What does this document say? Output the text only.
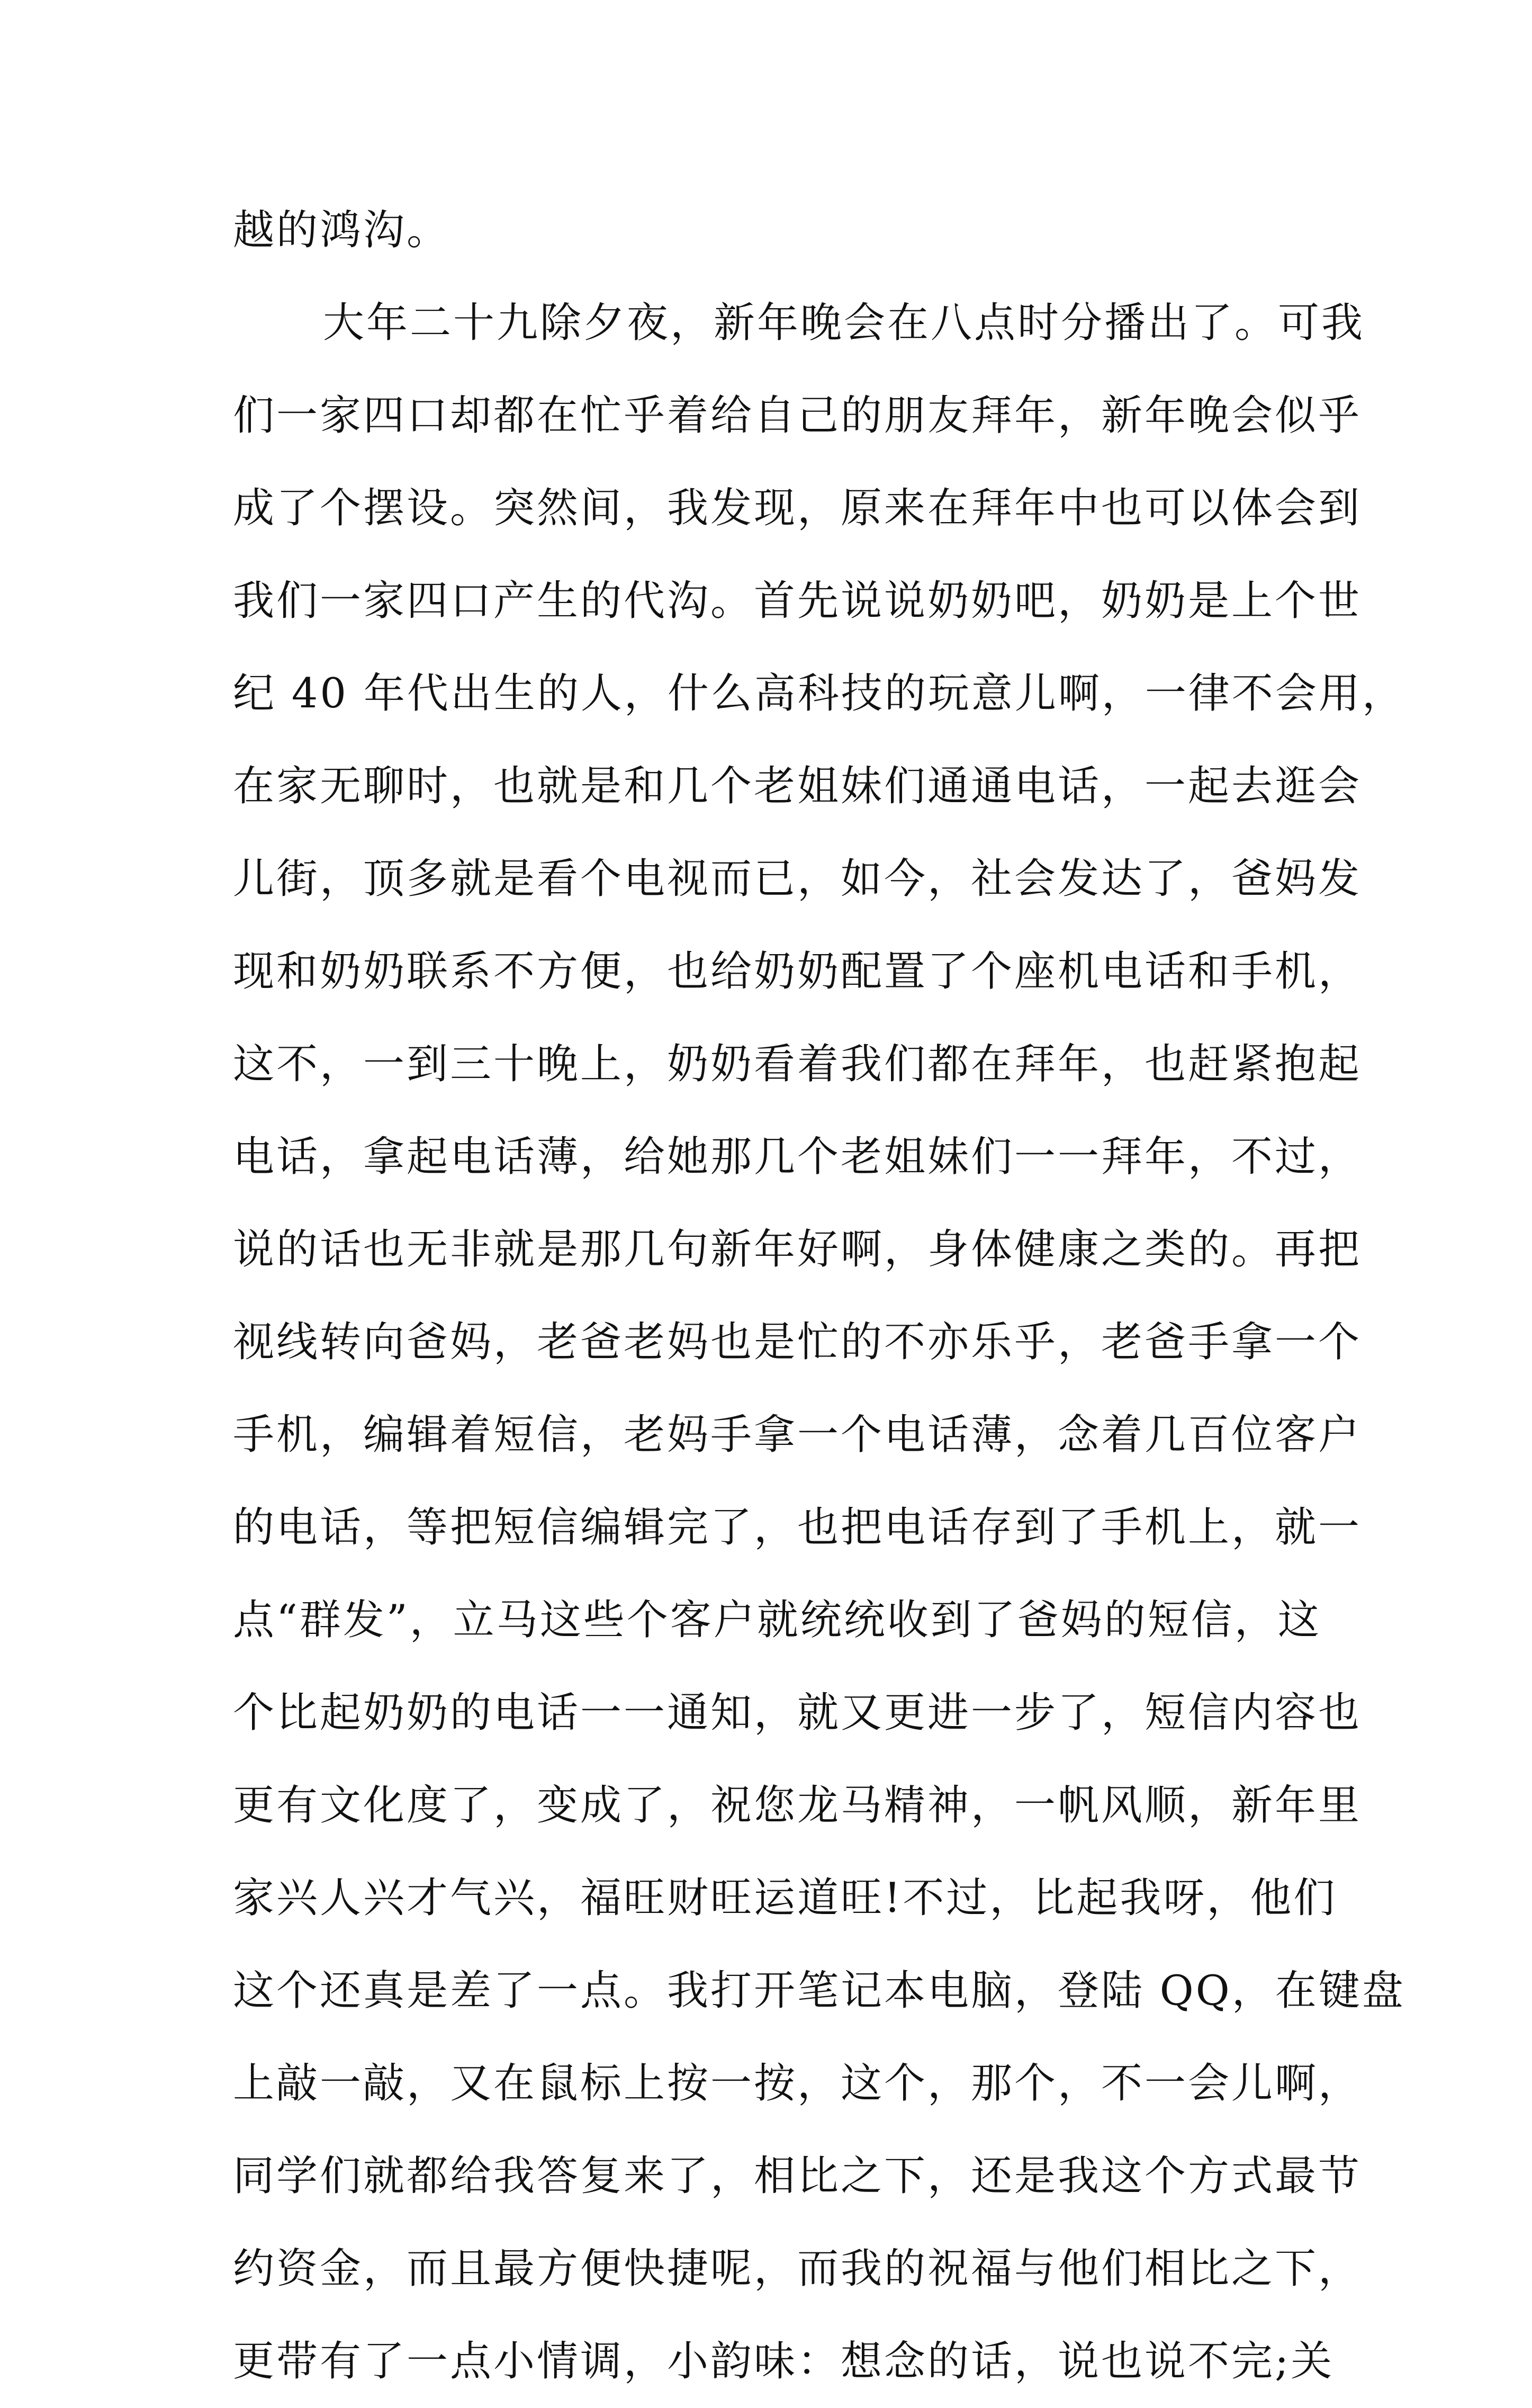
越的鸿沟。
大年二十九除夕夜，新年晚会在八点时分播出了。可我
们一家四口却都在忙乎着给自己的朋友拜年，新年晚会似乎
成了个摆设。突然间，我发现，原来在拜年中也可以体会到
我们一家四口产生的代沟。首先说说奶奶吧，奶奶是上个世
纪 40 年代出生的人，什么高科技的玩意儿啊，一律不会用，
在家无聊时，也就是和几个老姐妹们通通电话，一起去逛会
儿街，顶多就是看个电视而已，如今，社会发达了，爸妈发
现和奶奶联系不方便，也给奶奶配置了个座机电话和手机，
这不，一到三十晚上，奶奶看着我们都在拜年，也赶紧抱起
电话，拿起电话薄，给她那几个老姐妹们一一拜年，不过，
说的话也无非就是那几句新年好啊，身体健康之类的。再把
视线转向爸妈，老爸老妈也是忙的不亦乐乎，老爸手拿一个
手机，编辑着短信，老妈手拿一个电话薄，念着几百位客户
的电话，等把短信编辑完了，也把电话存到了手机上，就一
点“群发”，立马这些个客户就统统收到了爸妈的短信，这
个比起奶奶的电话一一通知，就又更进一步了，短信内容也
更有文化度了，变成了，祝您龙马精神，一帆风顺，新年里
家兴人兴才气兴，福旺财旺运道旺!不过，比起我呀，他们
这个还真是差了一点。我打开笔记本电脑，登陆 QQ，在键盘
上敲一敲，又在鼠标上按一按，这个，那个，不一会儿啊，
同学们就都给我答复来了，相比之下，还是我这个方式最节
约资金，而且最方便快捷呢，而我的祝福与他们相比之下，
更带有了一点小情调，小韵味：想念的话，说也说不完;关
